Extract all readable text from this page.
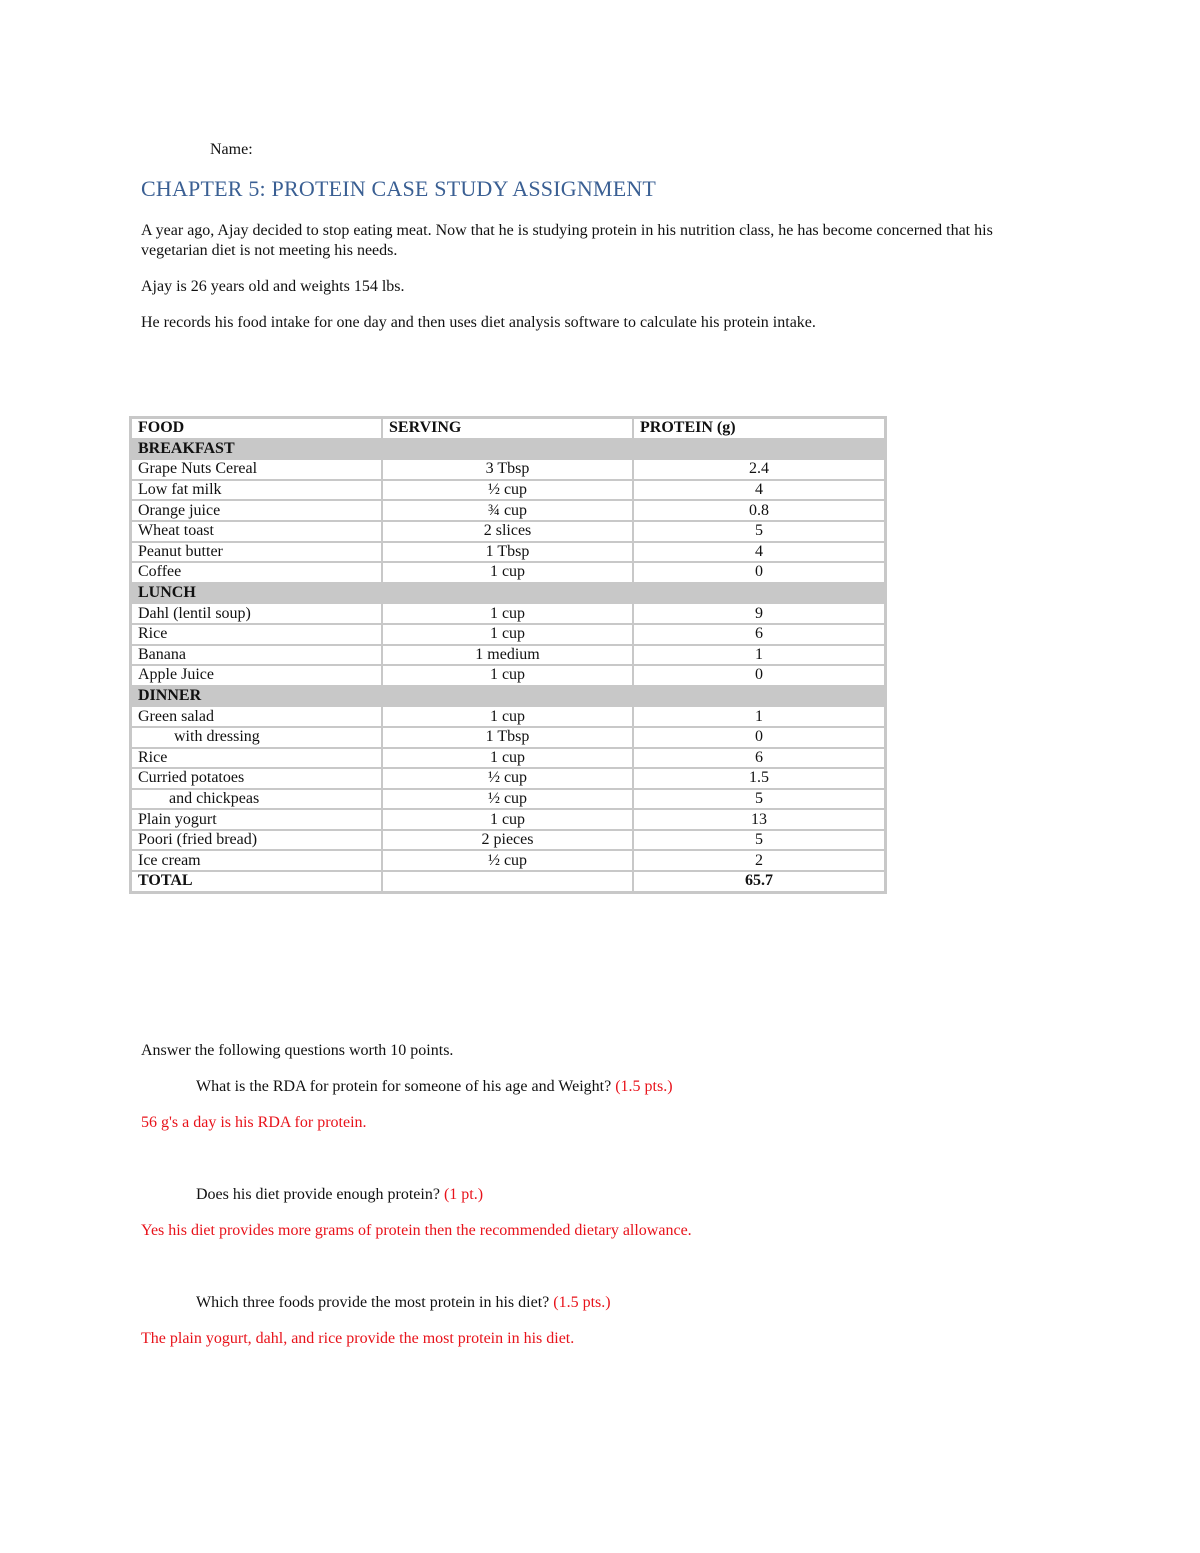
Name:
CHAPTER 5: PROTEIN CASE STUDY ASSIGNMENT
A year ago, Ajay decided to stop eating meat. Now that he is studying protein in his nutrition class, he has become concerned that his vegetarian diet is not meeting his needs.
Ajay is 26 years old and weights 154 lbs.
He records his food intake for one day and then uses diet analysis software to calculate his protein intake.
FOOD	SERVING	PROTEIN (g)
BREAKFAST		
Grape Nuts Cereal	3 Tbsp	2.4
Low fat milk	½ cup	4
Orange juice	¾ cup	0.8
Wheat toast	2 slices	5
Peanut butter	1 Tbsp	4
Coffee	1 cup	0
LUNCH		
Dahl (lentil soup)	1 cup	9
Rice	1 cup	6
Banana	1 medium	1
Apple Juice	1 cup	0
DINNER		
Green salad	1 cup	1
with dressing	1 Tbsp	0
Rice	1 cup	6
Curried potatoes	½ cup	1.5
and chickpeas	½ cup	5
Plain yogurt	1 cup	13
Poori (fried bread)	2 pieces	5
Ice cream	½ cup	2
TOTAL		65.7
Answer the following questions worth 10 points.
What is the RDA for protein for someone of his age and Weight? (1.5 pts.)
56 g's a day is his RDA for protein.
Does his diet provide enough protein? (1 pt.)
Yes his diet provides more grams of protein then the recommended dietary allowance.
Which three foods provide the most protein in his diet? (1.5 pts.)
The plain yogurt, dahl, and rice provide the most protein in his diet.
